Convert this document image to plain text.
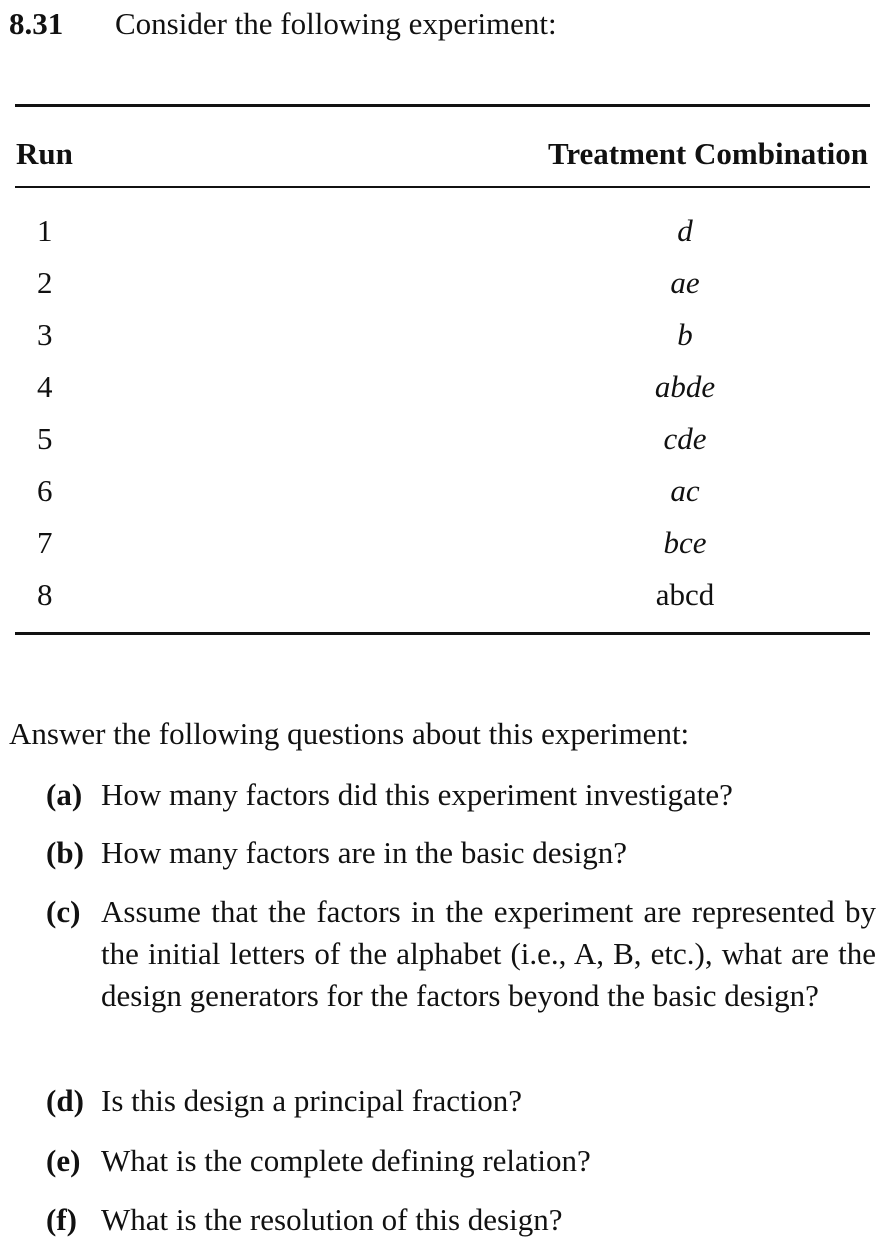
8.31 Consider the following experiment:
Run	Treatment Combination
1	d
2	ae
3	b
4	abde
5	cde
6	ac
7	bce
8	abcd
Answer the following questions about this experiment:
(a) How many factors did this experiment investigate?
(b) How many factors are in the basic design?
(c) Assume that the factors in the experiment are represented by the initial letters of the alphabet (i.e., A, B, etc.), what are the design generators for the factors beyond the basic design?
(d) Is this design a principal fraction?
(e) What is the complete defining relation?
(f) What is the resolution of this design?
